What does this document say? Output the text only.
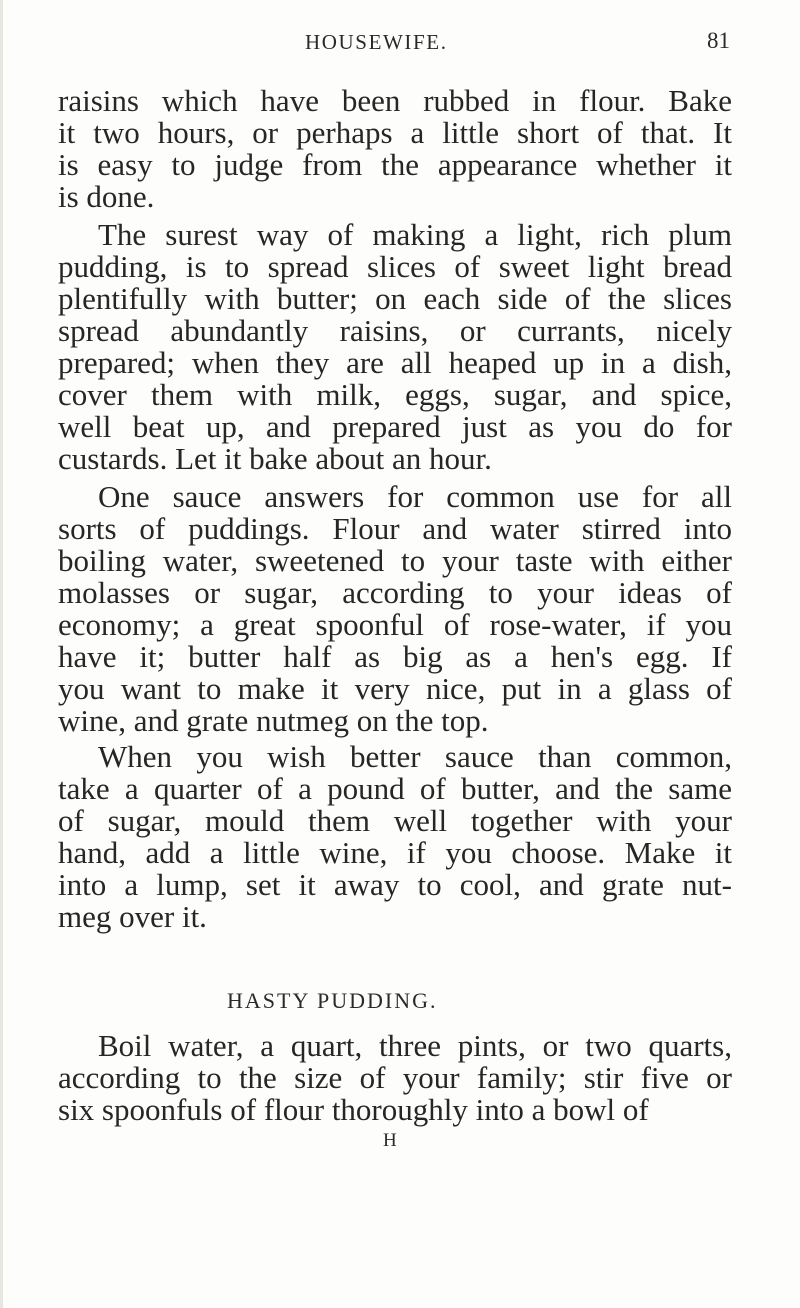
HOUSEWIFE.	81
raisins which have been rubbed in flour. Bake
it two hours, or perhaps a little short of that. It
is easy to judge from the appearance whether it
is done.
The surest way of making a light, rich plum
pudding, is to spread slices of sweet light bread
plentifully with butter; on each side of the slices
spread abundantly raisins, or currants, nicely
prepared; when they are all heaped up in a dish,
cover them with milk, eggs, sugar, and spice,
well beat up, and prepared just as you do for
custards. Let it bake about an hour.
One sauce answers for common use for all
sorts of puddings. Flour and water stirred into
boiling water, sweetened to your taste with either
molasses or sugar, according to your ideas of
economy; a great spoonful of rose-water, if you
have it; butter half as big as a hen's egg. If
you want to make it very nice, put in a glass of
wine, and grate nutmeg on the top.
When you wish better sauce than common,
take a quarter of a pound of butter, and the same
of sugar, mould them well together with your
hand, add a little wine, if you choose. Make it
into a lump, set it away to cool, and grate nut-
meg over it.
HASTY PUDDING.
Boil water, a quart, three pints, or two quarts,
according to the size of your family; stir five or
six spoonfuls of flour thoroughly into a bowl of
H
